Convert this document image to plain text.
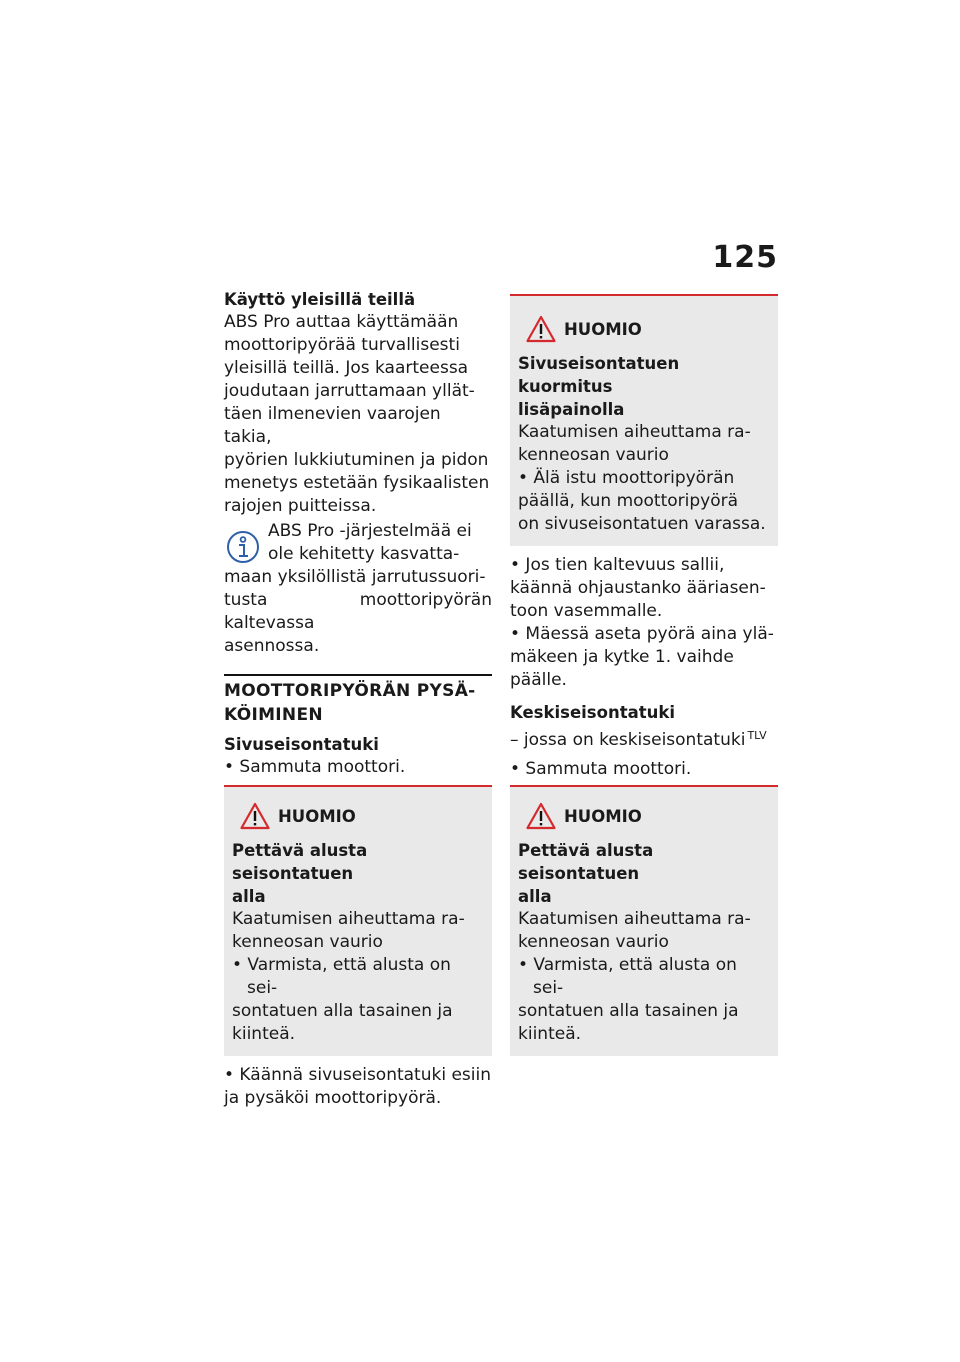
125
Käyttö yleisillä teillä
ABS Pro auttaa käyttämään
moottoripyörää turvallisesti
yleisillä teillä. Jos kaarteessa
joudutaan jarruttamaan yllät-
täen ilmenevien vaarojen takia,
pyörien lukkiutuminen ja pidon
menetys estetään fysikaalisten
rajojen puitteissa.
ABS Pro -järjestelmää ei
ole kehitetty kasvatta-
maan yksilöllistä jarrutussuori-
tusta moottoripyörän kaltevassa
asennossa.
MOOTTORIPYÖRÄN PYSÄ-
KÖIMINEN
Sivuseisontatuki

• Sammuta moottori.

HUOMIO
Pettävä alusta seisontatuen
alla
Kaatumisen aiheuttama ra-
kenneosan vaurio
• Varmista, että alusta on sei-
sontatuen alla tasainen ja
kiinteä.
• Käännä sivuseisontatuki esiin
ja pysäköi moottoripyörä.
HUOMIO
Sivuseisontatuen kuormitus
lisäpainolla
Kaatumisen aiheuttama ra-
kenneosan vaurio
• Älä istu moottoripyörän
päällä, kun moottoripyörä
on sivuseisontatuen varassa.
• Jos tien kaltevuus sallii,
käännä ohjaustanko ääriasen-
toon vasemmalle.
• Mäessä aseta pyörä aina ylä-
mäkeen ja kytke 1. vaihde
päälle.
Keskiseisontatuki

– jossa on keskiseisontatuki $^{TLV}$

• Sammuta moottori.

HUOMIO
Pettävä alusta seisontatuen
alla
Kaatumisen aiheuttama ra-
kenneosan vaurio
• Varmista, että alusta on sei-
sontatuen alla tasainen ja
kiinteä.
